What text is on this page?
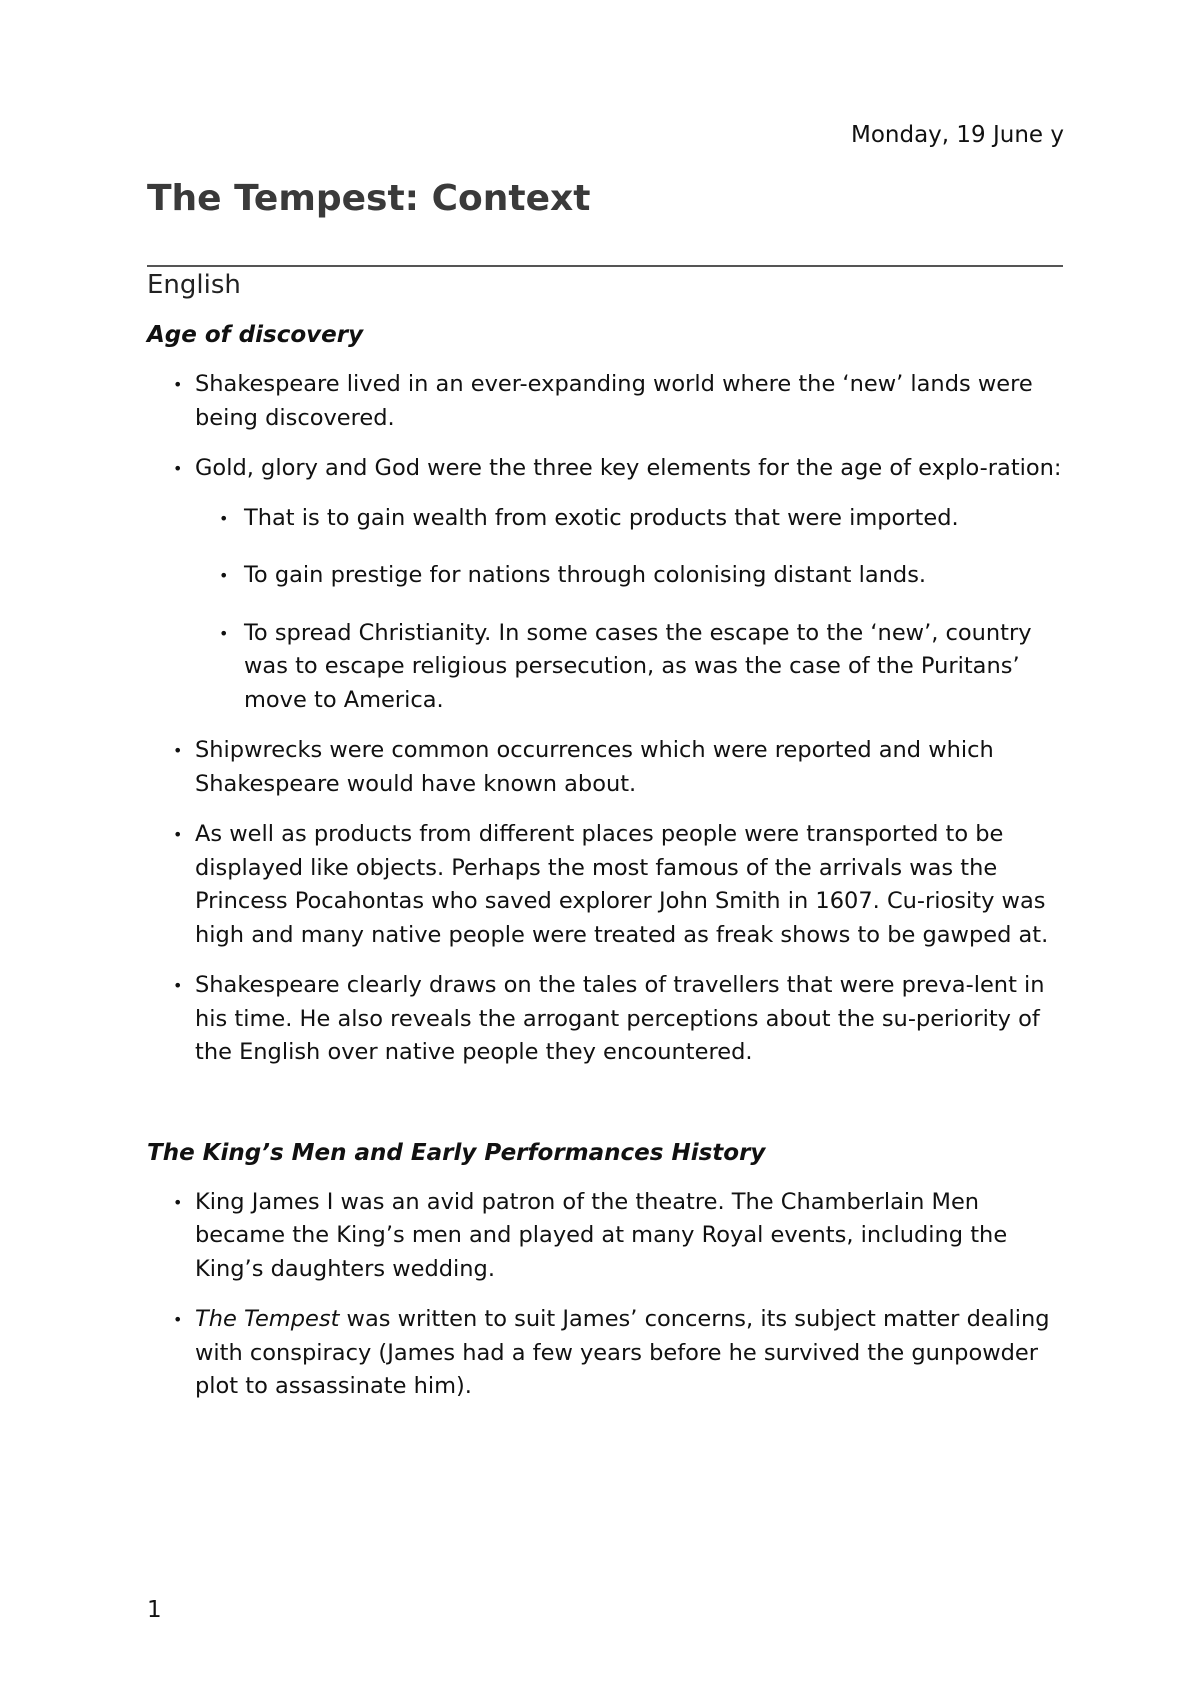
Monday, 19 June y
The Tempest: Context
English
Age of discovery
• Shakespeare lived in an ever-expanding world where the ‘new’ lands were being discovered.
• Gold, glory and God were the three key elements for the age of explo-ration:
• That is to gain wealth from exotic products that were imported.
• To gain prestige for nations through colonising distant lands.
• To spread Christianity. In some cases the escape to the ‘new’, country was to escape religious persecution, as was the case of the Puritans’ move to America.
• Shipwrecks were common occurrences which were reported and which Shakespeare would have known about.
• As well as products from different places people were transported to be displayed like objects. Perhaps the most famous of the arrivals was the Princess Pocahontas who saved explorer John Smith in 1607. Cu-riosity was high and many native people were treated as freak shows to be gawped at.
• Shakespeare clearly draws on the tales of travellers that were preva-lent in his time. He also reveals the arrogant perceptions about the su-periority of the English over native people they encountered.
The King’s Men and Early Performances History
• King James I was an avid patron of the theatre. The Chamberlain Men became the King’s men and played at many Royal events, including the King’s daughters wedding.
• The Tempest was written to suit James’ concerns, its subject matter dealing with conspiracy (James had a few years before he survived the gunpowder plot to assassinate him).
1
